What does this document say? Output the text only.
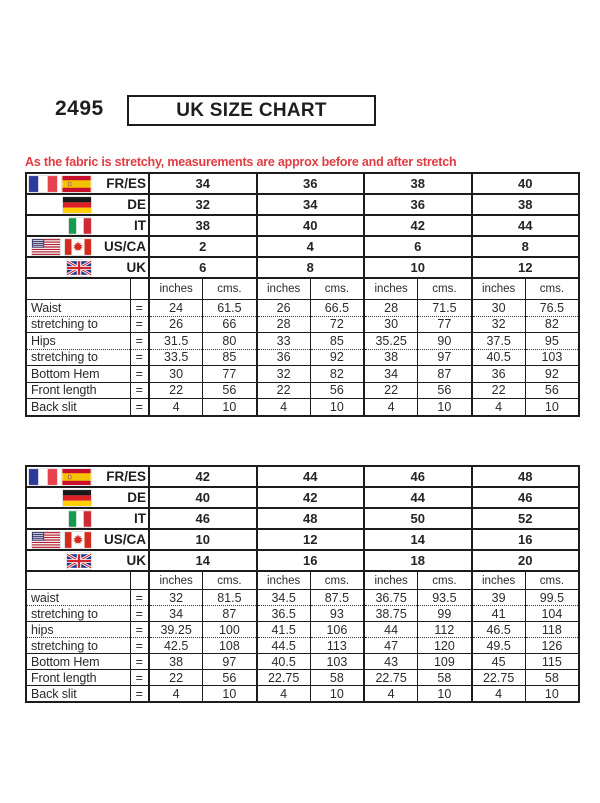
2495	UK SIZE CHART

As the fabric is stretchy, measurements are approx before and after stretch

FR/ES		34		36		38		40	

DE		32		34		36		38	

IT		38		40		42		44	

US/CA		2		4		6		8	

UK		6		8		10		12	
		inches	cms.	inches	cms.	inches	cms.	inches	cms.
Waist	=	24	61.5	26	66.5	28	71.5	30	76.5
stretching to	=	26	66	28	72	30	77	32	82
Hips	=	31.5	80	33	85	35.25	90	37.5	95
stretching to	=	33.5	85	36	92	38	97	40.5	103
Bottom Hem	=	30	77	32	82	34	87	36	92
Front length	=	22	56	22	56	22	56	22	56
Back slit	=	4	10	4	10	4	10	4	10
FR/ES		42		44		46		48	

DE		40		42		44		46	

IT		46		48		50		52	

US/CA		10		12		14		16	

UK		14		16		18		20	
		inches	cms.	inches	cms.	inches	cms.	inches	cms.
waist	=	32	81.5	34.5	87.5	36.75	93.5	39	99.5
stretching to	=	34	87	36.5	93	38.75	99	41	104
hips	=	39.25	100	41.5	106	44	112	46.5	118
stretching to	=	42.5	108	44.5	113	47	120	49.5	126
Bottom Hem	=	38	97	40.5	103	43	109	45	115
Front length	=	22	56	22.75	58	22.75	58	22.75	58
Back slit	=	4	10	4	10	4	10	4	10
